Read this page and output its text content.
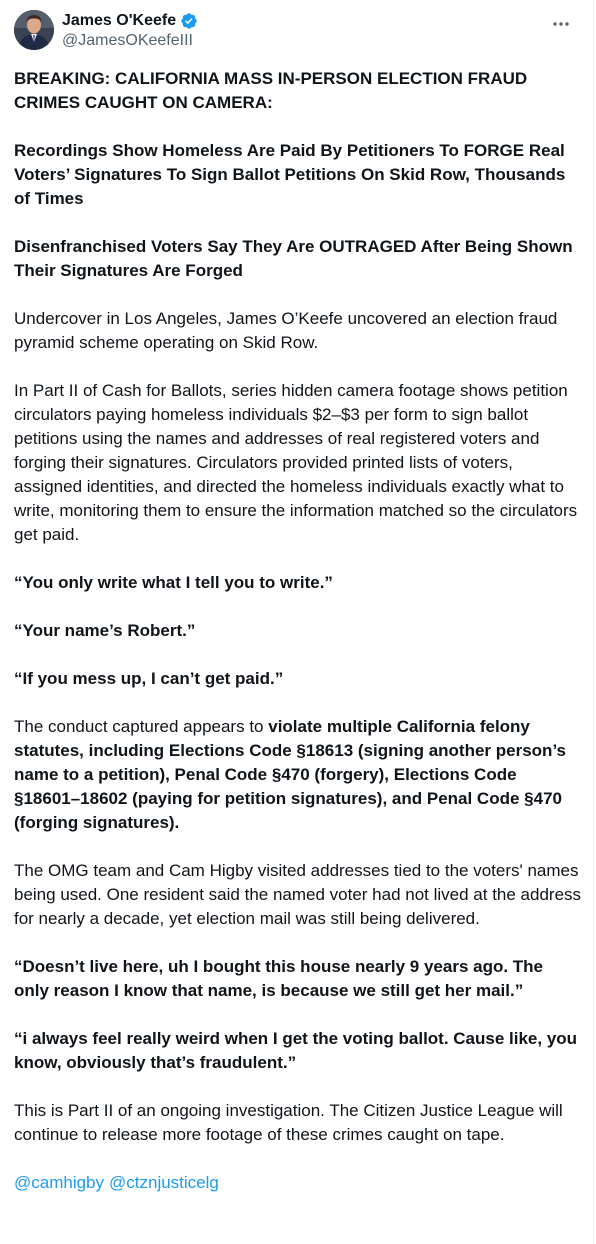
James O'Keefe
@JamesOKeefeIII

BREAKING: CALIFORNIA MASS IN-PERSON ELECTION FRAUD CRIMES CAUGHT ON CAMERA:

Recordings Show Homeless Are Paid By Petitioners To FORGE Real Voters’ Signatures To Sign Ballot Petitions On Skid Row, Thousands of Times

Disenfranchised Voters Say They Are OUTRAGED After Being Shown Their Signatures Are Forged

Undercover in Los Angeles, James O’Keefe uncovered an election fraud pyramid scheme operating on Skid Row.

In Part II of Cash for Ballots, series hidden camera footage shows petition circulators paying homeless individuals $2–$3 per form to sign ballot petitions using the names and addresses of real registered voters and forging their signatures. Circulators provided printed lists of voters, assigned identities, and directed the homeless individuals exactly what to write, monitoring them to ensure the information matched so the circulators get paid.

“You only write what I tell you to write.”

“Your name’s Robert.”

“If you mess up, I can’t get paid.”

The conduct captured appears to violate multiple California felony statutes, including Elections Code §18613 (signing another person’s name to a petition), Penal Code §470 (forgery), Elections Code §18601–18602 (paying for petition signatures), and Penal Code §470 (forging signatures).

The OMG team and Cam Higby visited addresses tied to the voters' names being used. One resident said the named voter had not lived at the address for nearly a decade, yet election mail was still being delivered.

“Doesn’t live here, uh I bought this house nearly 9 years ago. The only reason I know that name, is because we still get her mail.”

“i always feel really weird when I get the voting ballot. Cause like, you know, obviously that’s fraudulent.”

This is Part II of an ongoing investigation. The Citizen Justice League will continue to release more footage of these crimes caught on tape.

@camhigby @ctznjusticelg
